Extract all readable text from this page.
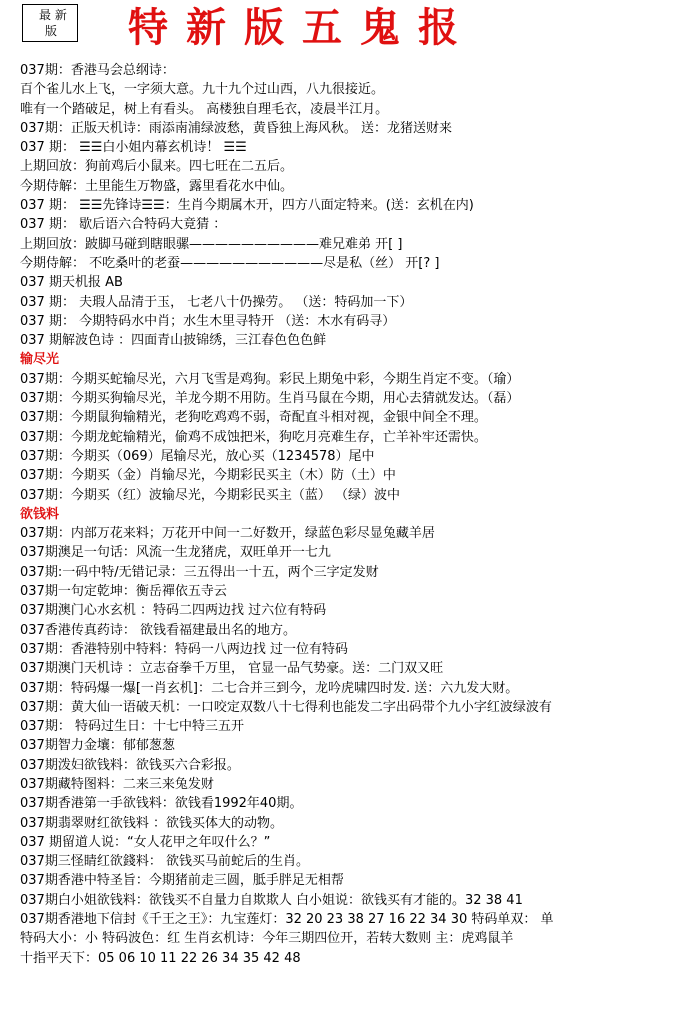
最 新
版	特新版五鬼报
037期：香港马会总纲诗：
百个雀儿水上飞，一字须大意。九十九个过山西，八九很接近。
唯有一个踏破足，树上有看头。 高楼独自理毛衣，凌晨半江月。
037期：正版天机诗：雨添南浦绿波愁，黄昏独上海风秋。 送：龙猪送财来
037 期： ☰☰白小姐内幕玄机诗！ ☰☰
上期回放：狗前鸡后小鼠来。四七旺在二五后。
今期侍解：土里能生万物盛，露里看花水中仙。
037 期： ☰☰先锋诗☰☰：生肖今期属木开，四方八面定特来。(送：玄机在内)
037 期： 歇后语六合特码大竟猜 ：
上期回放：跛脚马碰到瞎眼骡——————————难兄难弟 开[ ]
今期侍解： 不吃桑叶的老蚕———————————尽是私（丝） 开[? ]
037 期天机报 AB
037 期： 夫瑕人品清于玉， 七老八十仍操劳。 （送：特码加一下）
037 期： 今期特码水中肖；水生木里寻特开 （送：木水有码寻）
037 期解波色诗 ：四面青山披锦绣，三江春色色色鲜
输尽光
037期：今期买蛇输尽光，六月飞雪是鸡狗。彩民上期兔中彩，今期生肖定不变。（瑜）
037期：今期买狗输尽光，羊龙今期不用防。生肖马鼠在今期，用心去猜就发达。（磊）
037期：今期鼠狗输精光，老狗吃鸡鸡不弱，奇配直斗相对视，金银中间全不理。
037期：今期龙蛇输精光，偷鸡不成蚀把米，狗吃月亮难生存，亡羊补牢还需快。
037期：今期买（069）尾输尽光，放心买（1234578）尾中
037期：今期买（金）肖输尽光，今期彩民买主（木）防（土）中
037期：今期买（红）波输尽光，今期彩民买主（蓝） （绿）波中
欲钱料
037期：内部万花来料；万花开中间一二好数开，绿蓝色彩尽显兔藏羊居
037期澳足一句话：风流一生龙猪虎，双旺单开一七九
037期:一码中特/无错记录：三五得出一十五，两个三字定发财
037期一句定乾坤：衡岳禪依五寺云
037期澳门心水玄机 ：特码二四两边找 过六位有特码
037香港传真药诗： 欲钱看福建最出名的地方。
037期：香港特别中特料：特码一八两边找 过一位有特码
037期澳门天机诗 ：立志奋拳千万里， 官显一品气势豪。送：二门双又旺
037期：特码爆一爆[一肖玄机]：二七合并三到今，龙吟虎啸四时发. 送：六九发大财。
037期：黄大仙一语破天机：一口咬定双数八十七得利也能发二字出码带个九小字红波绿波有
037期： 特码过生日：十七中特三五开
037期智力金壤：郁郁葱葱
037期泼妇欲钱料：欲钱买六合彩报。
037期藏特图料：二来三来兔发财
037期香港第一手欲钱料：欲钱看1992年40期。
037期翡翠财红欲钱料 ：欲钱买体大的动物。
037 期留道人说：“女人花甲之年叹什么？”
037期三怪睛红欲錢料： 欲钱买马前蛇后的生肖。
037期香港中特圣旨：今期猪前走三圆，胝手胖足无相帮
037期白小姐欲钱料：欲钱买不自量力自欺欺人 白小姐说：欲钱买有才能的。32 38 41
037期香港地下信封《千王之王》：九宝莲灯：32 20 23 38 27 16 22 34 30 特码单双： 单
特码大小：小 特码波色：红 生肖玄机诗：今年三期四位开，若转大数则 主：虎鸡鼠羊
十指平天下：05 06 10 11 22 26 34 35 42 48
